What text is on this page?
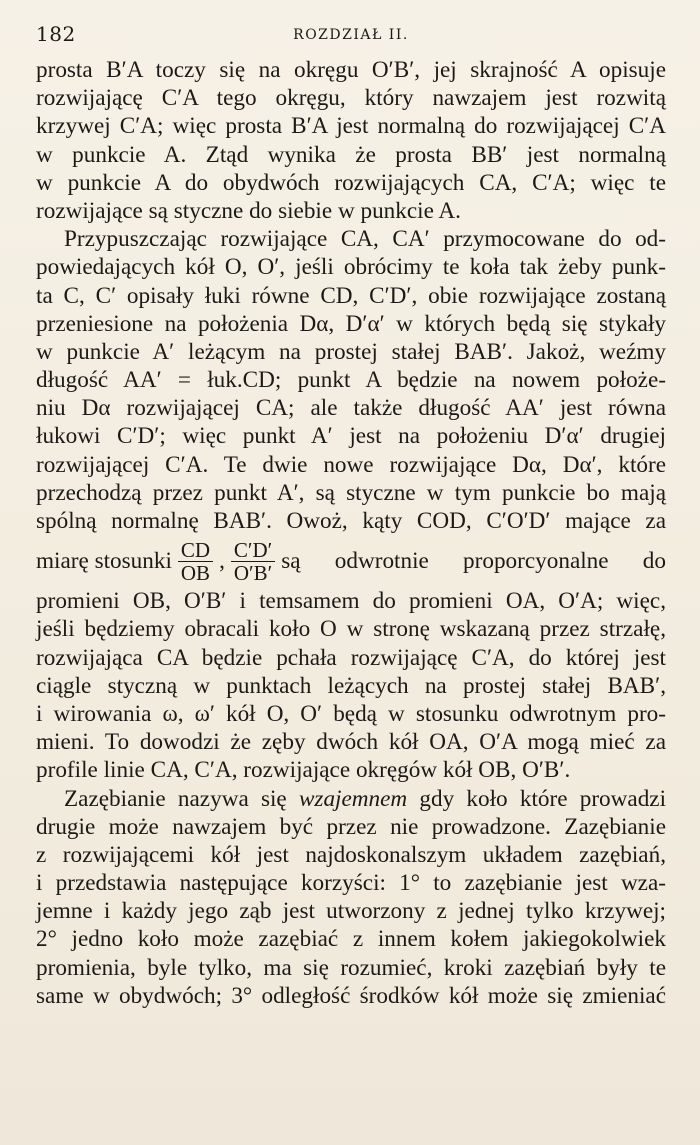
182	ROZDZIAŁ II.
prosta B′A toczy się na okręgu O′B′, jej skrajność A opisuje
rozwijającę C′A tego okręgu, który nawzajem jest rozwitą
krzywej C′A; więc prosta B′A jest normalną do rozwijającej C′A
w punkcie A. Ztąd wynika że prosta BB′ jest normalną
w punkcie A do obydwóch rozwijających CA, C′A; więc te
rozwijające są styczne do siebie w punkcie A.
Przypuszczając rozwijające CA, CA′ przymocowane do od-
powiedających kół O, O′, jeśli obrócimy te koła tak żeby punk-
ta C, C′ opisały łuki równe CD, C′D′, obie rozwijające zostaną
przeniesione na położenia Dα, D′α′ w których będą się stykały
w punkcie A′ leżącym na prostej stałej BAB′. Jakoż, weźmy
długość AA′ = łuk.CD; punkt A będzie na nowem położe-
niu Dα rozwijającej CA; ale także długość AA′ jest równa
łukowi C′D′; więc punkt A′ jest na położeniu D′α′ drugiej
rozwijającej C′A. Te dwie nowe rozwijające Dα, Dα′, które
przechodzą przez punkt A′, są styczne w tym punkcie bo mają
spólną normalnę BAB′. Owoż, kąty COD, C′O′D′ mające za
miarę stosunki $\frac{CD}{OB}$ , $\frac{C'D'}{O'B'}$ są odwrotnie proporcyonalne do
promieni OB, O′B′ i temsamem do promieni OA, O′A; więc,
jeśli będziemy obracali koło O w stronę wskazaną przez strzałę,
rozwijająca CA będzie pchała rozwijającę C′A, do której jest
ciągle styczną w punktach leżących na prostej stałej BAB′,
i wirowania ω, ω′ kół O, O′ będą w stosunku odwrotnym pro-
mieni. To dowodzi że zęby dwóch kół OA, O′A mogą mieć za
profile linie CA, C′A, rozwijające okręgów kół OB, O′B′.
Zazębianie nazywa się wzajemnem gdy koło które prowadzi
drugie może nawzajem być przez nie prowadzone. Zazębianie
z rozwijającemi kół jest najdoskonalszym układem zazębiań,
i przedstawia następujące korzyści: 1° to zazębianie jest wza-
jemne i każdy jego ząb jest utworzony z jednej tylko krzywej;
2° jedno koło może zazębiać z innem kołem jakiegokolwiek
promienia, byle tylko, ma się rozumieć, kroki zazębiań były te
same w obydwóch; 3° odległość środków kół może się zmieniać
